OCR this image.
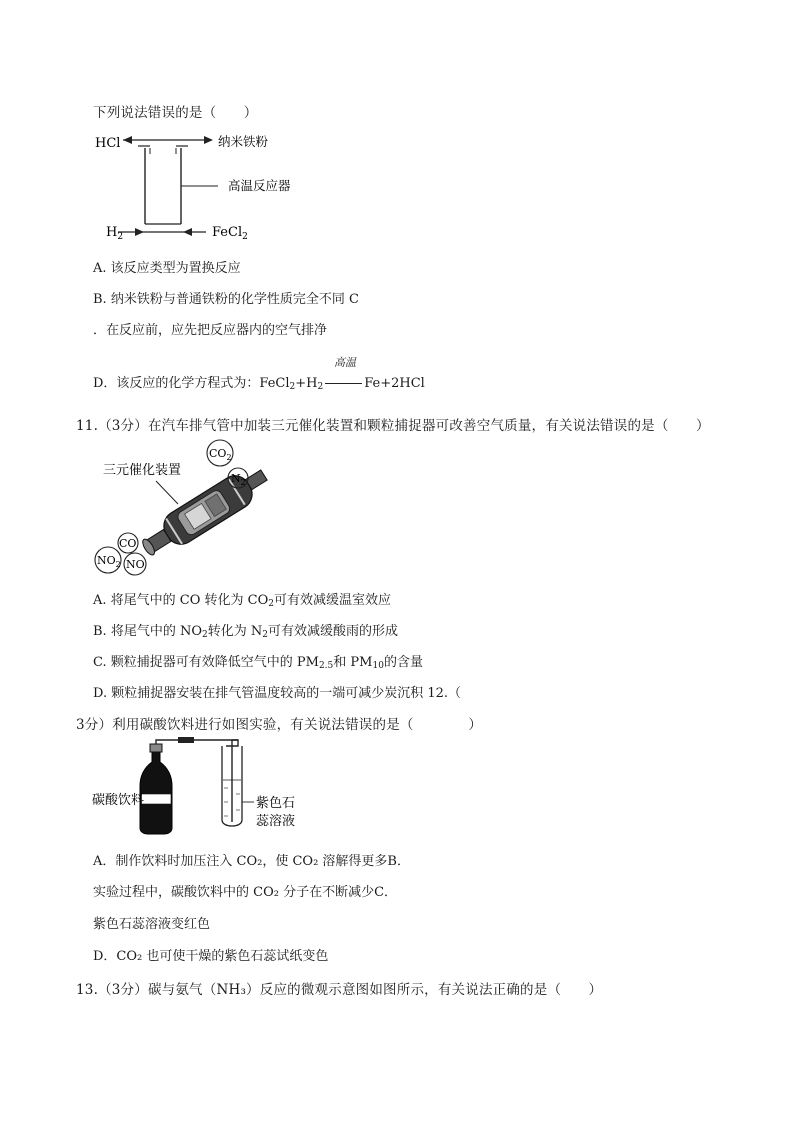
下列说法错误的是（　　）
HCl	纳米铁粉
高温反应器
$H_2$	FeCl$_2$
A. 该反应类型为置换反应
B. 纳米铁粉与普通铁粉的化学性质完全不同 C
．在反应前，应先把反应器内的空气排净
高温
D．该反应的化学方程式为：$FeCl_2+H_2$	Fe+2HCl
11.（3分）在汽车排气管中加装三元催化装置和颗粒捕捉器可改善空气质量，有关说法错误的是（　　）
三元催化装置
$CO_2$
$N_2$
CO
$NO_2$ NO
A. 将尾气中的 CO 转化为 $CO_2$可有效减缓温室效应
B. 将尾气中的 $NO_2$转化为 $N_2$可有效减缓酸雨的形成
C. 颗粒捕捉器可有效降低空气中的 $PM_{2.5}$和 $PM_{10}$的含量
D. 颗粒捕捉器安装在排气管温度较高的一端可减少炭沉积 12.（
3分）利用碳酸饮料进行如图实验，有关说法错误的是（　　　　）
碳酸饮料	紫色石
蕊溶液
A．制作饮料时加压注入 CO₂，使 CO₂ 溶解得更多B．
实验过程中，碳酸饮料中的 CO₂ 分子在不断减少C．
紫色石蕊溶液变红色
D．CO₂ 也可使干燥的紫色石蕊试纸变色
13.（3分）碳与氨气（NH₃）反应的微观示意图如图所示，有关说法正确的是（　　）
